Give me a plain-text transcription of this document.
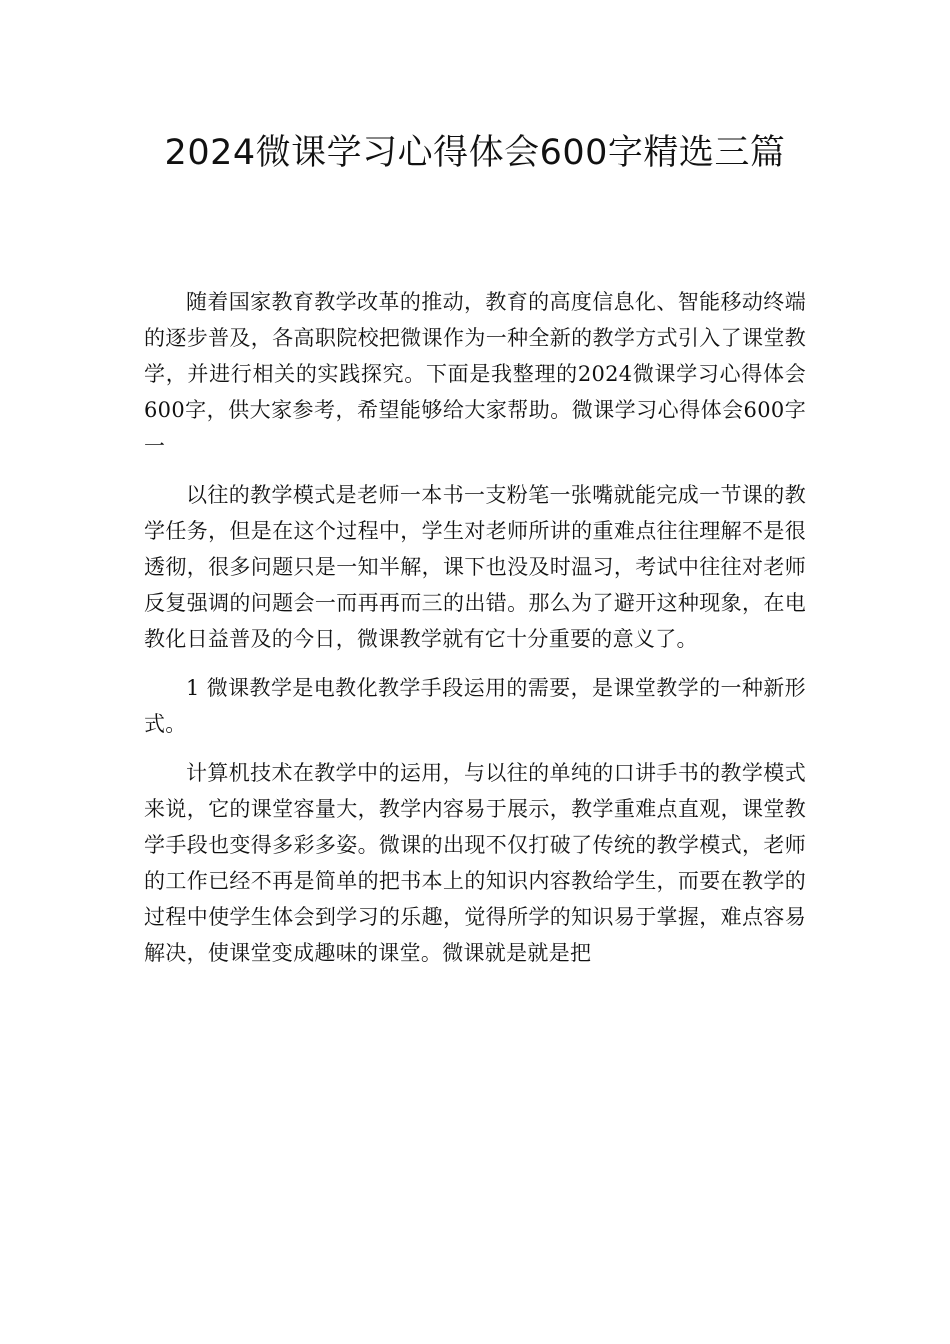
2024微课学习心得体会600字精选三篇

随着国家教育教学改革的推动，教育的高度信息化、智能移动终端的逐步普及，各高职院校把微课作为一种全新的教学方式引入了课堂教学，并进行相关的实践探究。下面是我整理的2024微课学习心得体会600字，供大家参考，希望能够给大家帮助。微课学习心得体会600字一

以往的教学模式是老师一本书一支粉笔一张嘴就能完成一节课的教学任务，但是在这个过程中，学生对老师所讲的重难点往往理解不是很透彻，很多问题只是一知半解，课下也没及时温习，考试中往往对老师反复强调的问题会一而再再而三的出错。那么为了避开这种现象，在电教化日益普及的今日，微课教学就有它十分重要的意义了。

1 微课教学是电教化教学手段运用的需要，是课堂教学的一种新形式。

计算机技术在教学中的运用，与以往的单纯的口讲手书的教学模式来说，它的课堂容量大，教学内容易于展示，教学重难点直观，课堂教学手段也变得多彩多姿。微课的出现不仅打破了传统的教学模式，老师的工作已经不再是简单的把书本上的知识内容教给学生，而要在教学的过程中使学生体会到学习的乐趣，觉得所学的知识易于掌握，难点容易解决，使课堂变成趣味的课堂。微课就是就是把
